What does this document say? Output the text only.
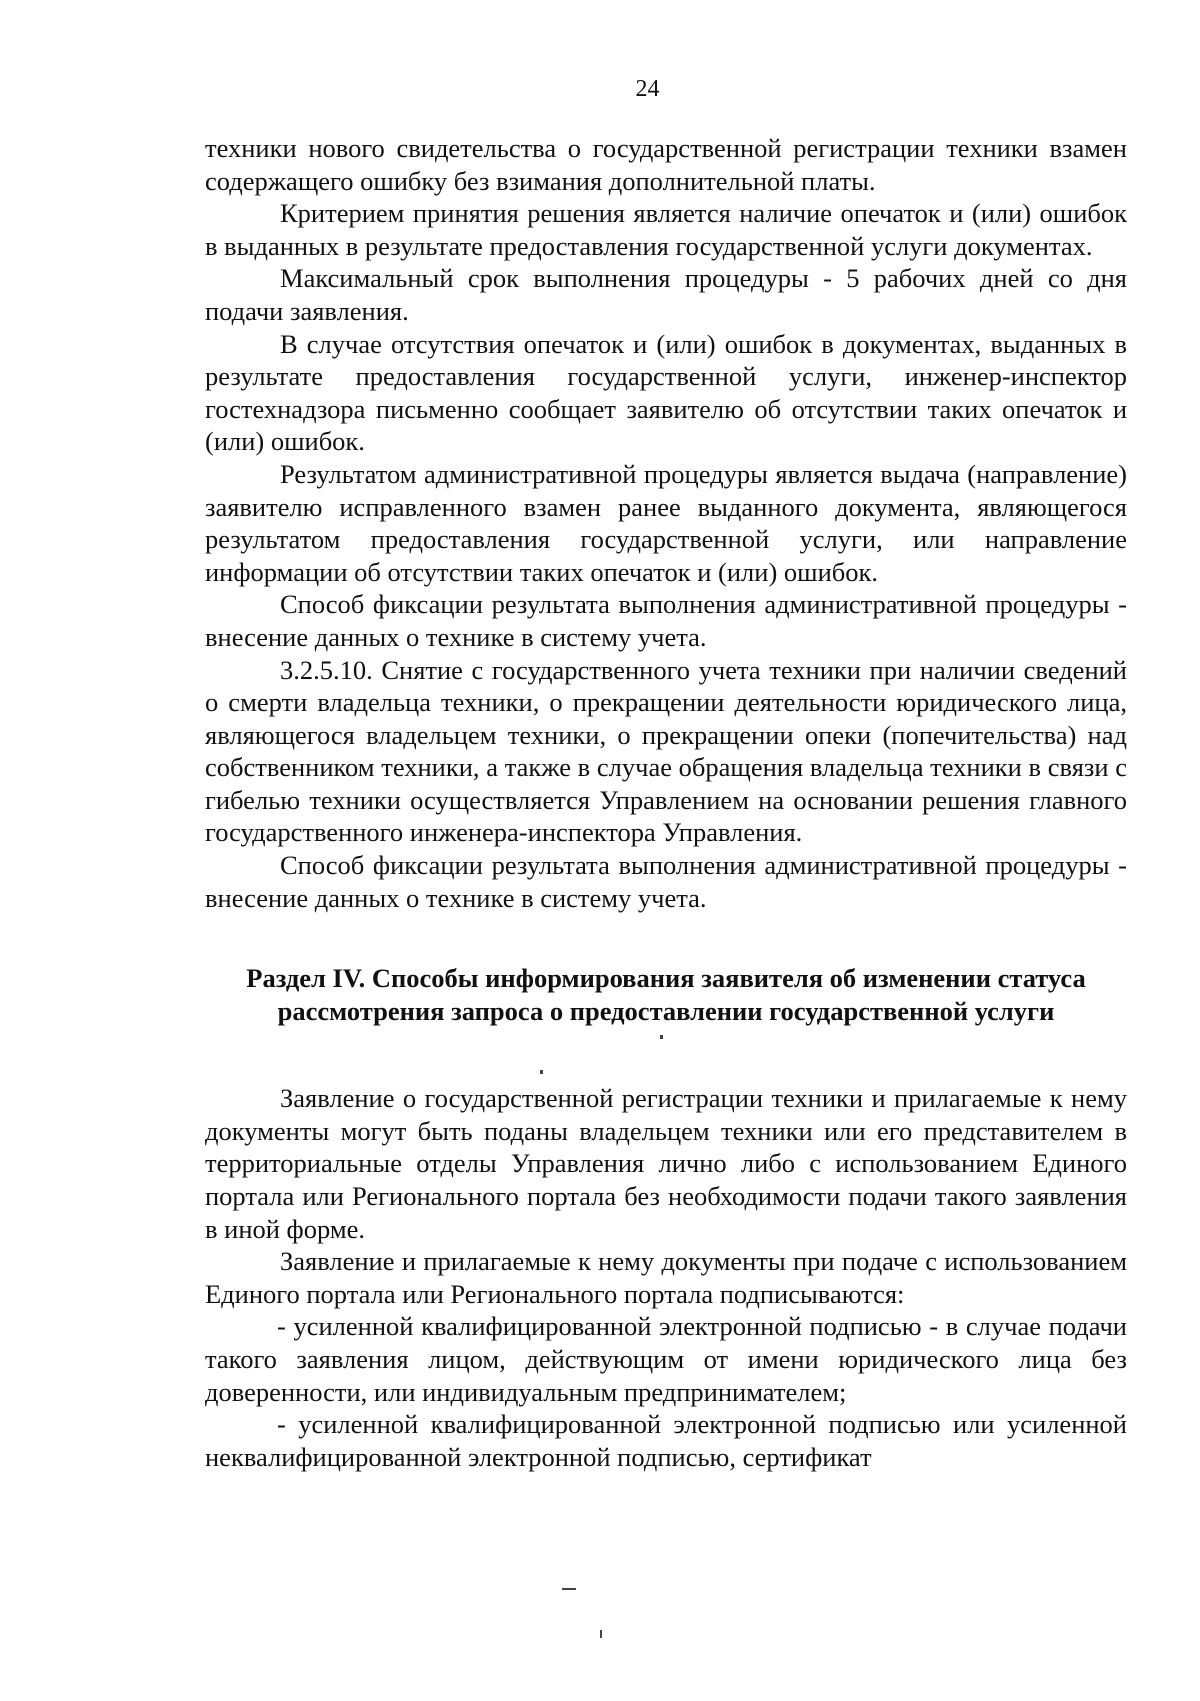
24

техники нового свидетельства о государственной регистрации техники взамен содержащего ошибку без взимания дополнительной платы.

Критерием принятия решения является наличие опечаток и (или) ошибок в выданных в результате предоставления государственной услуги документах.

Максимальный срок выполнения процедуры - 5 рабочих дней со дня подачи заявления.

В случае отсутствия опечаток и (или) ошибок в документах, выданных в результате предоставления государственной услуги, инженер-инспектор гостехнадзора письменно сообщает заявителю об отсутствии таких опечаток и (или) ошибок.

Результатом административной процедуры является выдача (направление) заявителю исправленного взамен ранее выданного документа, являющегося результатом предоставления государственной услуги, или направление информации об отсутствии таких опечаток и (или) ошибок.

Способ фиксации результата выполнения административной процедуры - внесение данных о технике в систему учета.

3.2.5.10. Снятие с государственного учета техники при наличии сведений о смерти владельца техники, о прекращении деятельности юридического лица, являющегося владельцем техники, о прекращении опеки (попечительства) над собственником техники, а также в случае обращения владельца техники в связи с гибелью техники осуществляется Управлением на основании решения главного государственного инженера-инспектора Управления.

Способ фиксации результата выполнения административной процедуры - внесение данных о технике в систему учета.

Раздел IV. Способы информирования заявителя об изменении статуса рассмотрения запроса о предоставлении государственной услуги

Заявление о государственной регистрации техники и прилагаемые к нему документы могут быть поданы владельцем техники или его представителем в территориальные отделы Управления лично либо с использованием Единого портала или Регионального портала без необходимости подачи такого заявления в иной форме.

Заявление и прилагаемые к нему документы при подаче с использованием Единого портала или Регионального портала подписываются:

- усиленной квалифицированной электронной подписью - в случае подачи такого заявления лицом, действующим от имени юридического лица без доверенности, или индивидуальным предпринимателем;

- усиленной квалифицированной электронной подписью или усиленной неквалифицированной электронной подписью, сертификат
